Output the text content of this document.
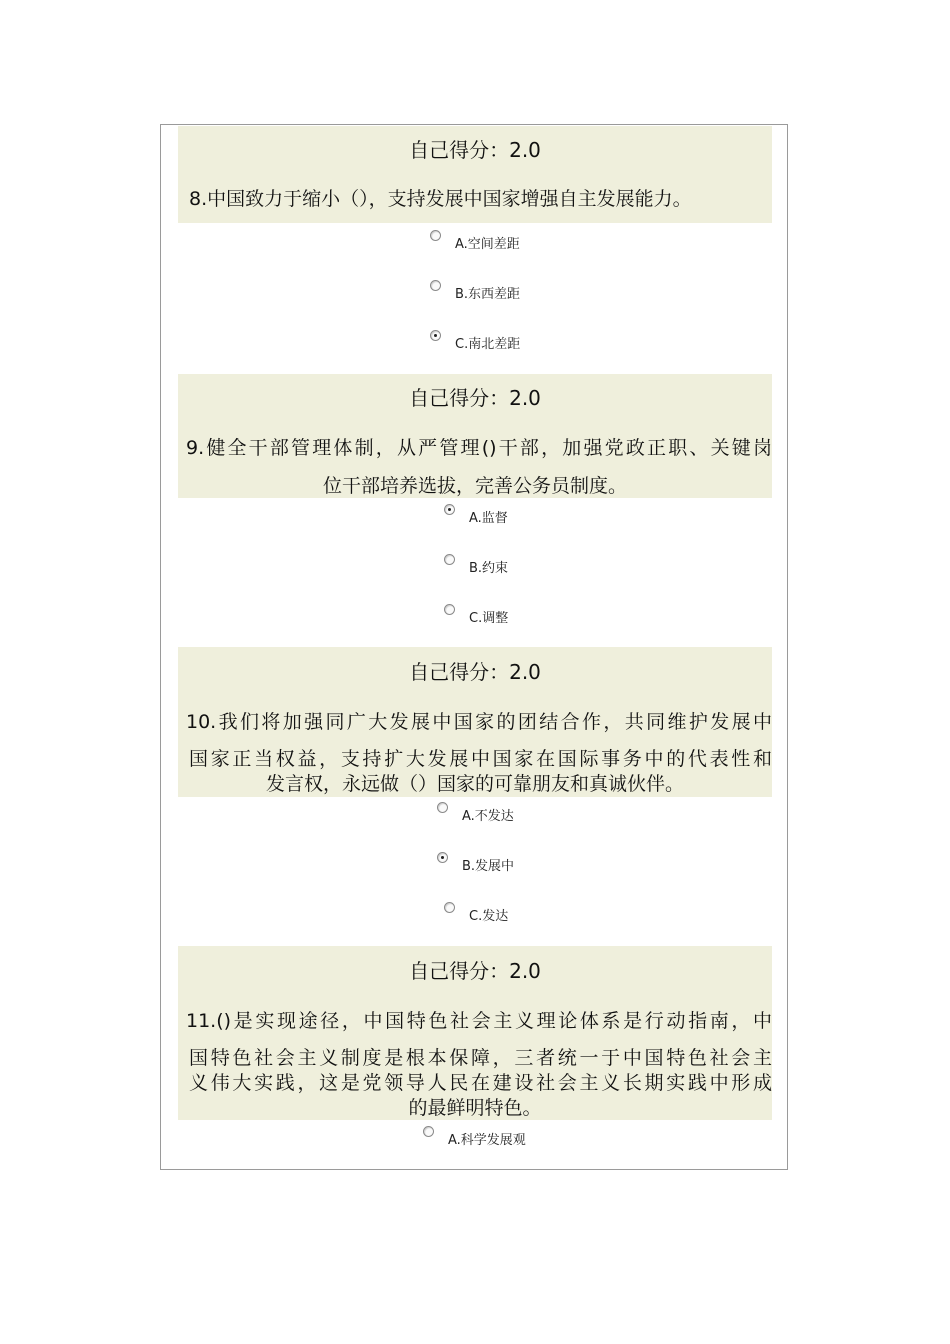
自己得分：2.0
8.中国致力于缩小（），支持发展中国家增强自主发展能力。
A.空间差距
B.东西差距
C.南北差距
自己得分：2.0
9.健全干部管理体制，从严管理()干部，加强党政正职、关键岗
位干部培养选拔，完善公务员制度。
A.监督
B.约束
C.调整
自己得分：2.0
10.我们将加强同广大发展中国家的团结合作，共同维护发展中
国家正当权益，支持扩大发展中国家在国际事务中的代表性和
发言权，永远做（）国家的可靠朋友和真诚伙伴。
A.不发达
B.发展中
C.发达
自己得分：2.0
11.()是实现途径，中国特色社会主义理论体系是行动指南，中
国特色社会主义制度是根本保障，三者统一于中国特色社会主
义伟大实践，这是党领导人民在建设社会主义长期实践中形成
的最鲜明特色。
A.科学发展观
